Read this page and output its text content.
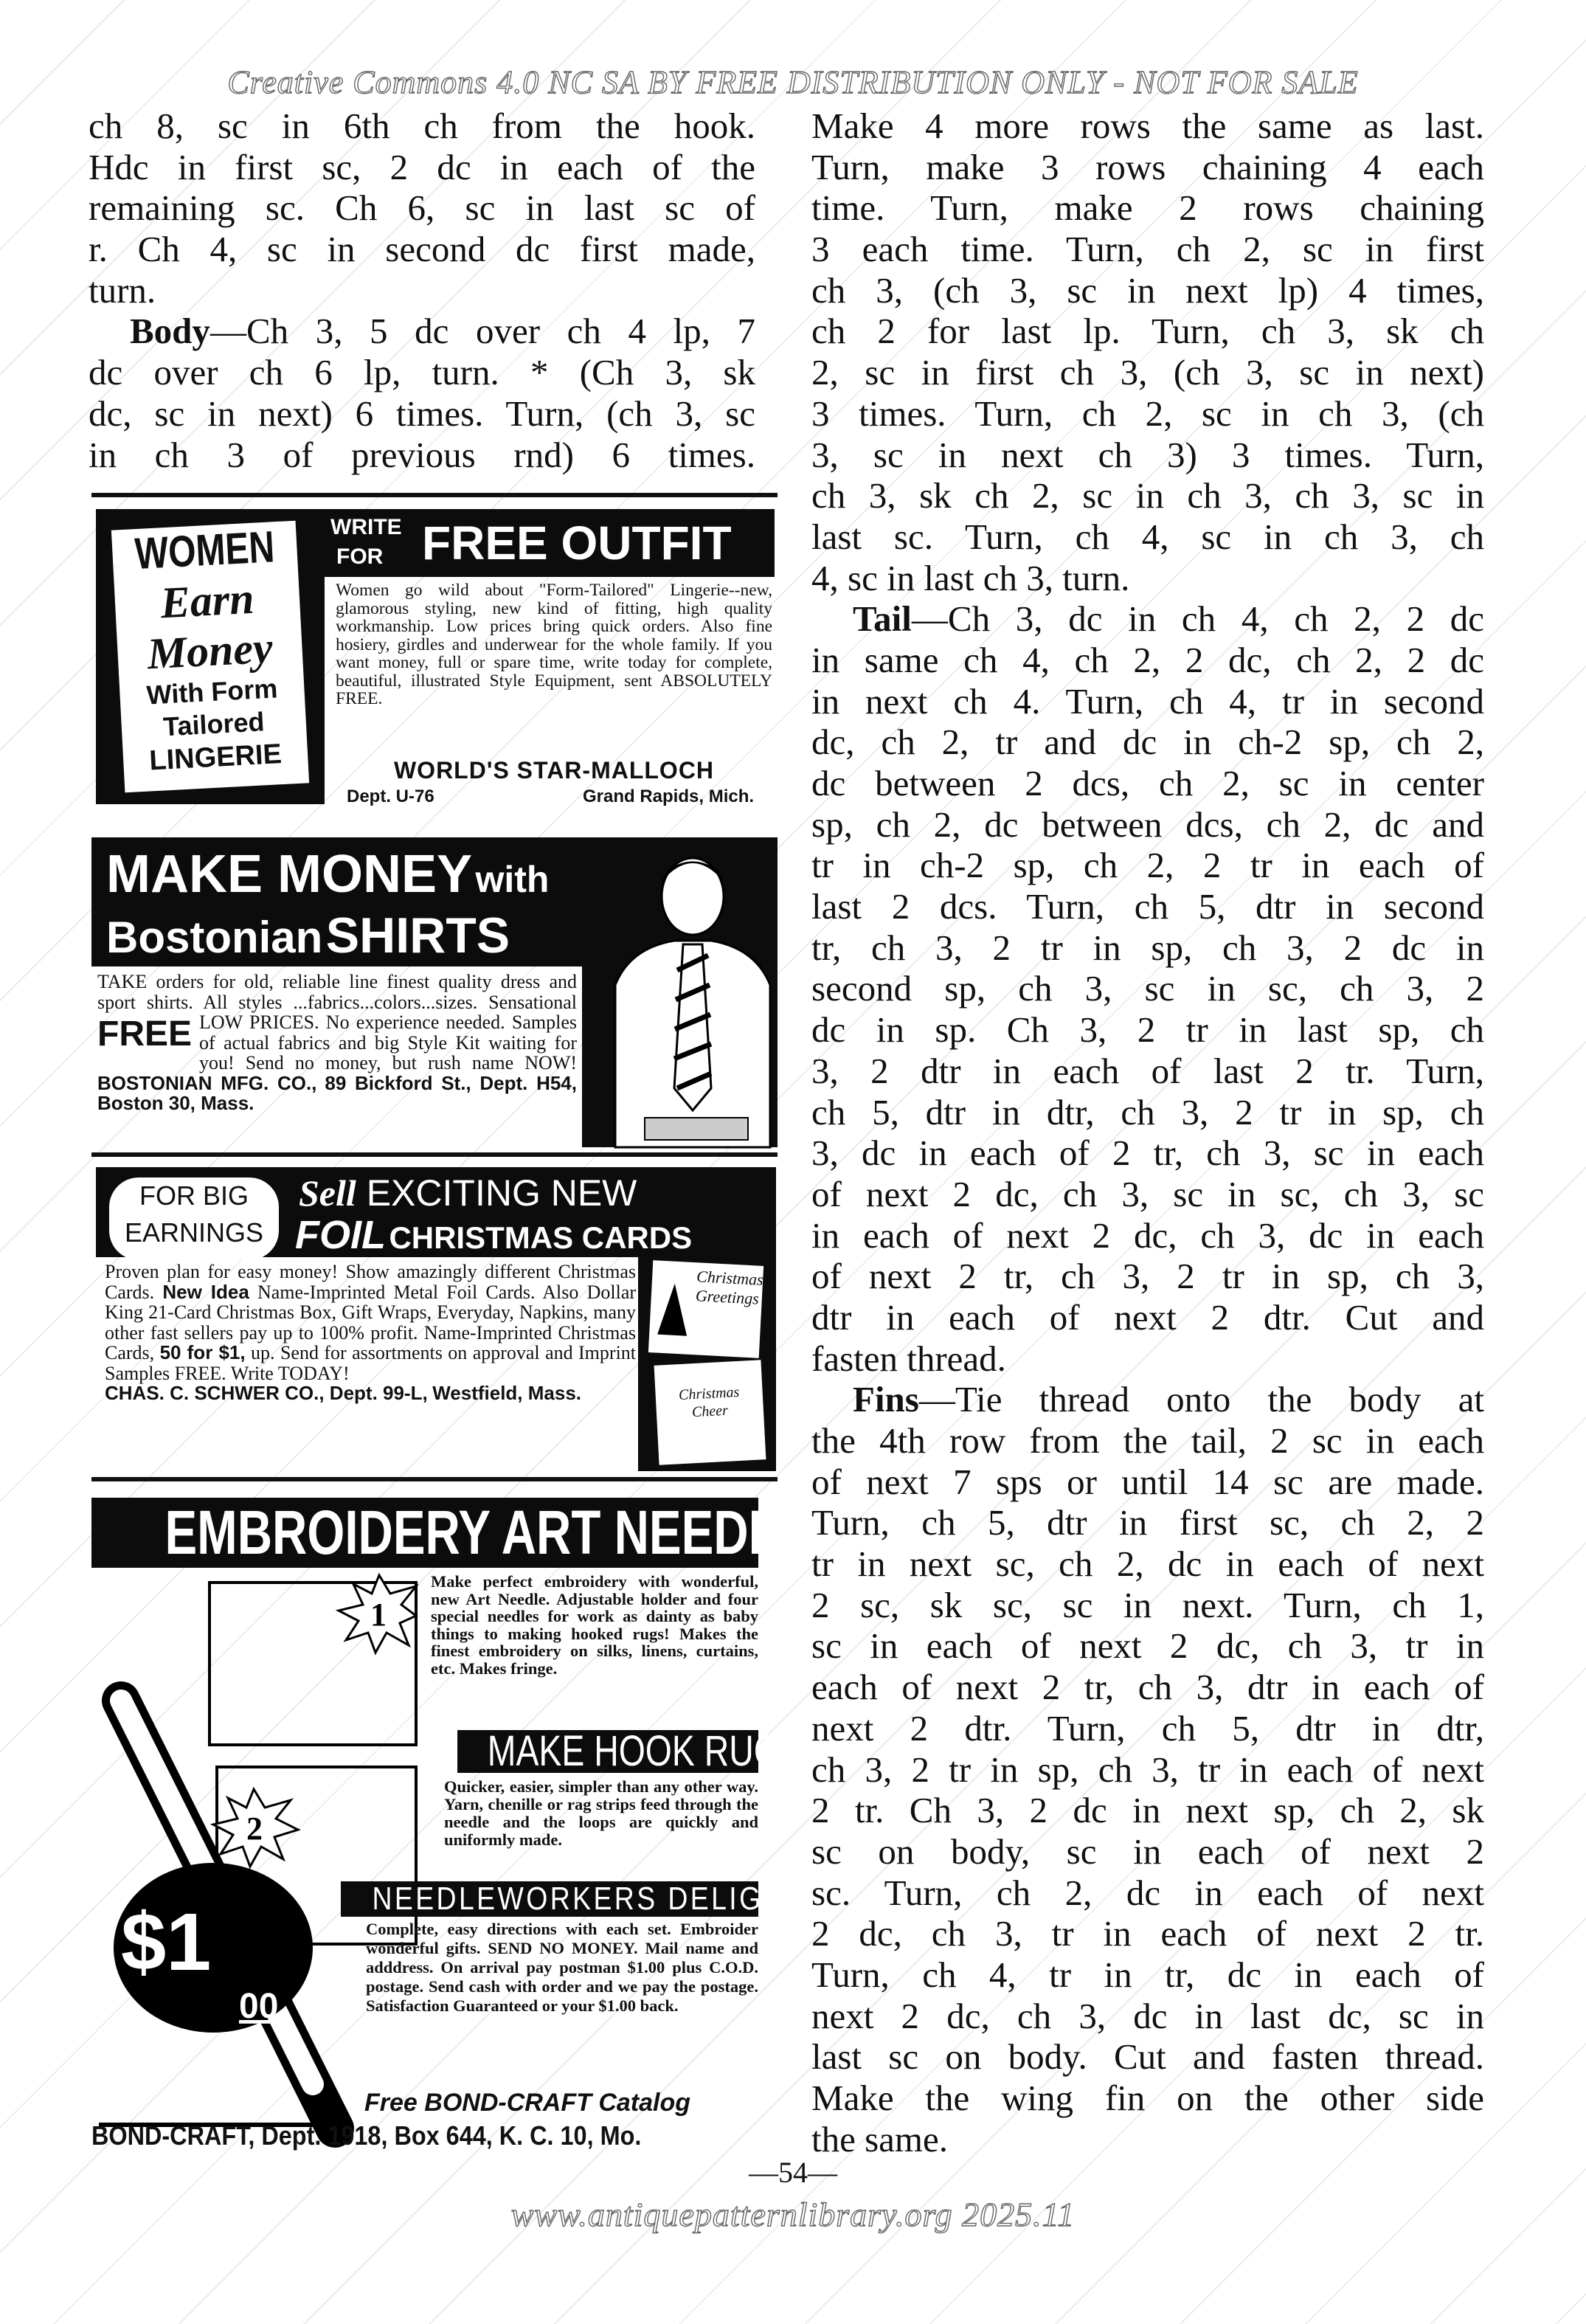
Creative Commons 4.0 NC SA BY FREE DISTRIBUTION ONLY - NOT FOR SALE
ch 8, sc in 6th ch from the hook.
Hdc in first sc, 2 dc in each of the
remaining sc. Ch 6, sc in last sc of
r. Ch 4, sc in second dc first made,
turn.
Body—Ch 3, 5 dc over ch 4 lp, 7
dc over ch 6 lp, turn. * (Ch 3, sk
dc, sc in next) 6 times. Turn, (ch 3, sc
in ch 3 of previous rnd) 6 times.
Make 4 more rows the same as last.
Turn, make 3 rows chaining 4 each
time. Turn, make 2 rows chaining
3 each time. Turn, ch 2, sc in first
ch 3, (ch 3, sc in next lp) 4 times,
ch 2 for last lp. Turn, ch 3, sk ch
2, sc in first ch 3, (ch 3, sc in next)
3 times. Turn, ch 2, sc in ch 3, (ch
3, sc in next ch 3) 3 times. Turn,
ch 3, sk ch 2, sc in ch 3, ch 3, sc in
last sc. Turn, ch 4, sc in ch 3, ch
4, sc in last ch 3, turn.
Tail—Ch 3, dc in ch 4, ch 2, 2 dc
in same ch 4, ch 2, 2 dc, ch 2, 2 dc
in next ch 4. Turn, ch 4, tr in second
dc, ch 2, tr and dc in ch-2 sp, ch 2,
dc between 2 dcs, ch 2, sc in center
sp, ch 2, dc between dcs, ch 2, dc and
tr in ch-2 sp, ch 2, 2 tr in each of
last 2 dcs. Turn, ch 5, dtr in second
tr, ch 3, 2 tr in sp, ch 3, 2 dc in
second sp, ch 3, sc in sc, ch 3, 2
dc in sp. Ch 3, 2 tr in last sp, ch
3, 2 dtr in each of last 2 tr. Turn,
ch 5, dtr in dtr, ch 3, 2 tr in sp, ch
3, dc in each of 2 tr, ch 3, sc in each
of next 2 dc, ch 3, sc in sc, ch 3, sc
in each of next 2 dc, ch 3, dc in each
of next 2 tr, ch 3, 2 tr in sp, ch 3,
dtr in each of next 2 dtr. Cut and
fasten thread.
Fins—Tie thread onto the body at
the 4th row from the tail, 2 sc in each
of next 7 sps or until 14 sc are made.
Turn, ch 5, dtr in first sc, ch 2, 2
tr in next sc, ch 2, dc in each of next
2 sc, sk sc, sc in next. Turn, ch 1,
sc in each of next 2 dc, ch 3, tr in
each of next 2 tr, ch 3, dtr in each of
next 2 dtr. Turn, ch 5, dtr in dtr,
ch 3, 2 tr in sp, ch 3, tr in each of next
2 tr. Ch 3, 2 dc in next sp, ch 2, sk
sc on body, sc in each of next 2
sc. Turn, ch 2, dc in each of next
2 dc, ch 3, tr in each of next 2 tr.
Turn, ch 4, tr in tr, dc in each of
next 2 dc, ch 3, dc in last dc, sc in
last sc on body. Cut and fasten thread.
Make the wing fin on the other side
the same.
WOMEN
Earn
Money
With Form
Tailored
LINGERIE
WRITE
FOR FREE OUTFIT
Women go wild about "Form-Tailored" Lingerie--new, glamorous styling, new kind of fitting, high quality workmanship. Low prices bring quick orders. Also fine hosiery, girdles and underwear for the whole family. If you want money, full or spare time, write today for complete, beautiful, illustrated Style Equipment, sent ABSOLUTELY FREE.
WORLD'S STAR-MALLOCH
Dept. U-76	Grand Rapids, Mich.
MAKE MONEY with
Bostonian SHIRTS
TAKE orders for old, reliable line finest quality dress and sport shirts. All styles ...fabrics...colors...sizes. Sensational LOW PRICES. No experience needed.
FREE	Samples of actual fabrics and big Style Kit waiting for you! Send no money, but rush name NOW! BOSTONIAN MFG. CO., 89 Bickford St., Dept. H54, Boston 30, Mass.
FOR BIG
EARNINGS
Sell EXCITING NEW
FOIL CHRISTMAS CARDS
Proven plan for easy money! Show amazingly different Christmas Cards. New Idea Name-Imprinted Metal Foil Cards. Also Dollar King 21-Card Christmas Box, Gift Wraps, Everyday, Napkins, many other fast sellers pay up to 100% profit. Name-Imprinted Christmas Cards, 50 for $1, up. Send for assortments on approval and Imprint Samples FREE. Write TODAY!
CHAS. C. SCHWER CO., Dept. 99-L, Westfield, Mass.
Christmas Greetings
Christmas Cheer
EMBROIDERY ART NEEDLE
1
2
$1
00
Make perfect embroidery with wonderful, new Art Needle. Adjustable holder and four special needles for work as dainty as baby things to making hooked rugs! Makes the finest embroidery on silks, linens, curtains, etc. Makes fringe.
MAKE HOOK RUGS
Quicker, easier, simpler than any other way. Yarn, chenille or rag strips feed through the needle and the loops are quickly and uniformly made.
NEEDLEWORKERS DELIGHT
Complete, easy directions with each set. Embroider wonderful gifts. SEND NO MONEY. Mail name and adddress. On arrival pay postman $1.00 plus C.O.D. postage. Send cash with order and we pay the postage. Satisfaction Guaranteed or your $1.00 back.
Free BOND-CRAFT Catalog
BOND-CRAFT, Dept. 1918, Box 644, K. C. 10, Mo.
—54—
www.antiquepatternlibrary.org 2025.11
